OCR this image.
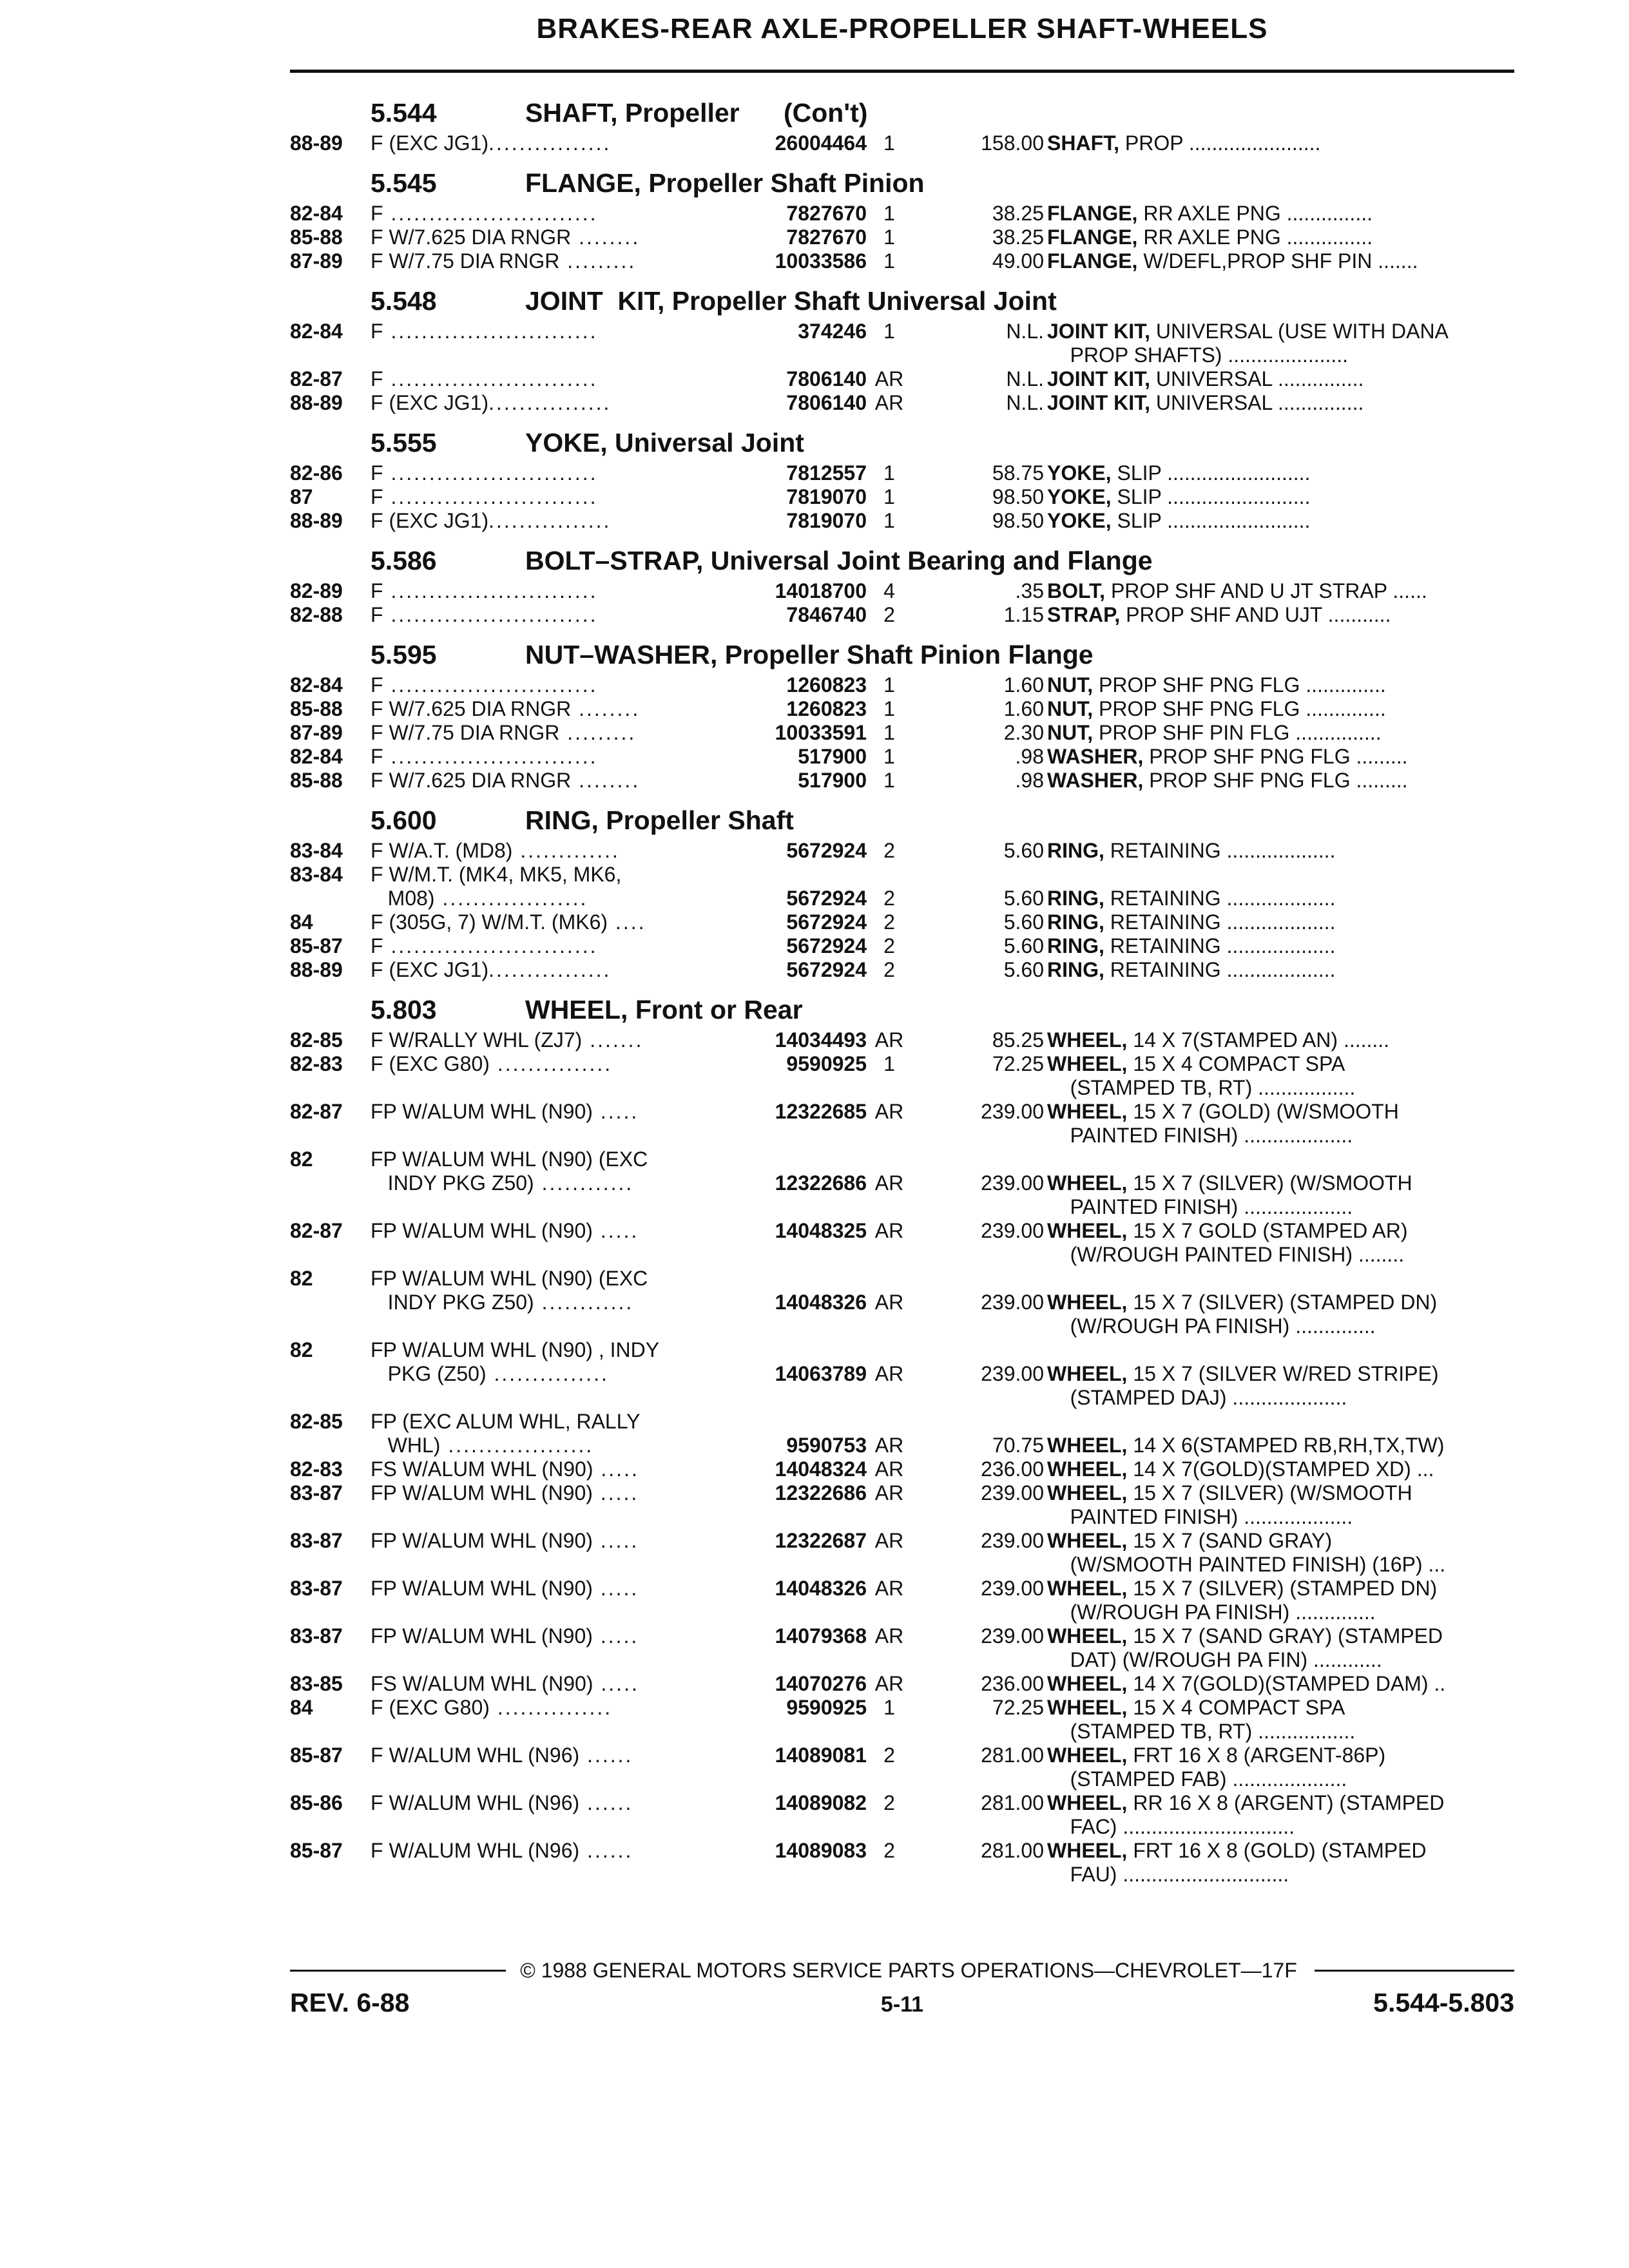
BRAKES-REAR AXLE-PROPELLER SHAFT-WHEELS
5.544	SHAFT, Propeller      (Con't)
88-89 F (EXC JG1)................	26004464 1	158.00 SHAFT, PROP .......................
5.545	FLANGE, Propeller Shaft Pinion
82-84 F ...........................	7827670 1	38.25 FLANGE, RR AXLE PNG ...............
85-88 F W/7.625 DIA RNGR ........	7827670 1	38.25 FLANGE, RR AXLE PNG ...............
87-89 F W/7.75 DIA RNGR .........	10033586 1	49.00 FLANGE, W/DEFL,PROP SHF PIN .......
5.548	JOINT  KIT, Propeller Shaft Universal Joint
82-84 F ...........................	374246 1	N.L. JOINT KIT, UNIVERSAL (USE WITH DANA
PROP SHAFTS) .....................
82-87 F ...........................	7806140 AR	N.L. JOINT KIT, UNIVERSAL ...............
88-89 F (EXC JG1)................	7806140 AR	N.L. JOINT KIT, UNIVERSAL ...............
5.555	YOKE, Universal Joint
82-86 F ...........................	7812557 1	58.75 YOKE, SLIP .........................
87	F ...........................	7819070 1	98.50 YOKE, SLIP .........................
88-89 F (EXC JG1)................	7819070 1	98.50 YOKE, SLIP .........................
5.586	BOLT–STRAP, Universal Joint Bearing and Flange
82-89 F ...........................	14018700 4	.35 BOLT, PROP SHF AND U JT STRAP ......
82-88 F ...........................	7846740 2	1.15 STRAP, PROP SHF AND UJT ...........
5.595	NUT–WASHER, Propeller Shaft Pinion Flange
82-84 F ...........................	1260823 1	1.60 NUT, PROP SHF PNG FLG ..............
85-88 F W/7.625 DIA RNGR ........	1260823 1	1.60 NUT, PROP SHF PNG FLG ..............
87-89 F W/7.75 DIA RNGR .........	10033591 1	2.30 NUT, PROP SHF PIN FLG ...............
82-84 F ...........................	517900 1	.98 WASHER, PROP SHF PNG FLG .........
85-88 F W/7.625 DIA RNGR ........	517900 1	.98 WASHER, PROP SHF PNG FLG .........
5.600	RING, Propeller Shaft
83-84 F W/A.T. (MD8) .............	5672924 2	5.60 RING, RETAINING ...................
83-84 F W/M.T. (MK4, MK5, MK6,
M08) ...................	5672924 2	5.60 RING, RETAINING ...................
84	F (305G, 7) W/M.T. (MK6) ....	5672924 2	5.60 RING, RETAINING ...................
85-87 F ...........................	5672924 2	5.60 RING, RETAINING ...................
88-89 F (EXC JG1)................	5672924 2	5.60 RING, RETAINING ...................
5.803	WHEEL, Front or Rear
82-85 F W/RALLY WHL (ZJ7) .......	14034493 AR	85.25 WHEEL, 14 X 7(STAMPED AN) ........
82-83 F (EXC G80) ...............	9590925 1	72.25 WHEEL, 15 X 4 COMPACT SPA
(STAMPED TB, RT) .................
82-87 FP W/ALUM WHL (N90) .....	12322685 AR	239.00 WHEEL, 15 X 7 (GOLD) (W/SMOOTH
PAINTED FINISH) ...................
82	FP W/ALUM WHL (N90) (EXC
INDY PKG Z50) ............	12322686 AR	239.00 WHEEL, 15 X 7 (SILVER) (W/SMOOTH
PAINTED FINISH) ...................
82-87 FP W/ALUM WHL (N90) .....	14048325 AR	239.00 WHEEL, 15 X 7 GOLD (STAMPED AR)
(W/ROUGH PAINTED FINISH) ........
82	FP W/ALUM WHL (N90) (EXC
INDY PKG Z50) ............	14048326 AR	239.00 WHEEL, 15 X 7 (SILVER) (STAMPED DN)
(W/ROUGH PA FINISH) ..............
82	FP W/ALUM WHL (N90) , INDY
PKG (Z50) ...............	14063789 AR	239.00 WHEEL, 15 X 7 (SILVER W/RED STRIPE)
(STAMPED DAJ) ....................
82-85 FP (EXC ALUM WHL, RALLY
WHL) ...................	9590753 AR	70.75 WHEEL, 14 X 6(STAMPED RB,RH,TX,TW)
82-83 FS W/ALUM WHL (N90) .....	14048324 AR	236.00 WHEEL, 14 X 7(GOLD)(STAMPED XD) ...
83-87 FP W/ALUM WHL (N90) .....	12322686 AR	239.00 WHEEL, 15 X 7 (SILVER) (W/SMOOTH
PAINTED FINISH) ...................
83-87 FP W/ALUM WHL (N90) .....	12322687 AR	239.00 WHEEL, 15 X 7 (SAND GRAY)
(W/SMOOTH PAINTED FINISH) (16P) ...
83-87 FP W/ALUM WHL (N90) .....	14048326 AR	239.00 WHEEL, 15 X 7 (SILVER) (STAMPED DN)
(W/ROUGH PA FINISH) ..............
83-87 FP W/ALUM WHL (N90) .....	14079368 AR	239.00 WHEEL, 15 X 7 (SAND GRAY) (STAMPED
DAT) (W/ROUGH PA FIN) ............
83-85 FS W/ALUM WHL (N90) .....	14070276 AR	236.00 WHEEL, 14 X 7(GOLD)(STAMPED DAM) ..
84	F (EXC G80) ...............	9590925 1	72.25 WHEEL, 15 X 4 COMPACT SPA
(STAMPED TB, RT) .................
85-87 F W/ALUM WHL (N96) ......	14089081 2	281.00 WHEEL, FRT 16 X 8 (ARGENT-86P)
(STAMPED FAB) ....................
85-86 F W/ALUM WHL (N96) ......	14089082 2	281.00 WHEEL, RR 16 X 8 (ARGENT) (STAMPED
FAC) ..............................
85-87 F W/ALUM WHL (N96) ......	14089083 2	281.00 WHEEL, FRT 16 X 8 (GOLD) (STAMPED
FAU) .............................
© 1988 GENERAL MOTORS SERVICE PARTS OPERATIONS—CHEVROLET—17F
REV. 6-88	5-11	5.544-5.803
